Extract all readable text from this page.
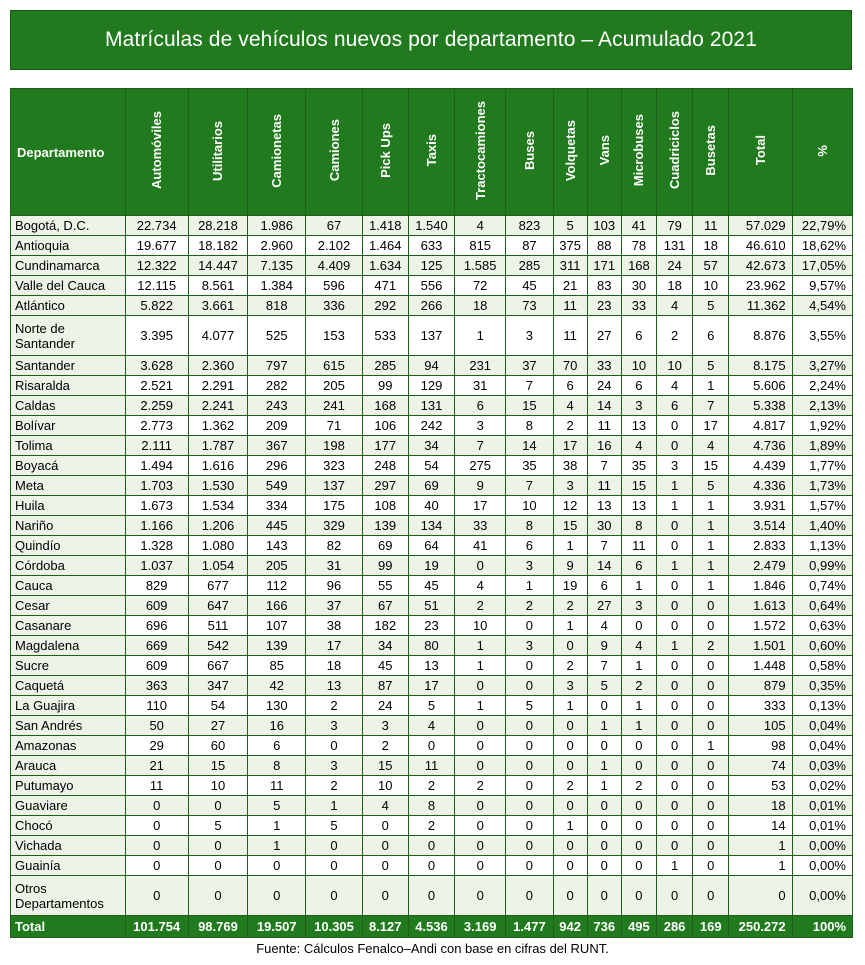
Matrículas de vehículos nuevos por departamento – Acumulado 2021
Departamento	Automóviles	Utilitarios	Camionetas	Camiones	Pick Ups	Taxis	Tractocamiones	Buses	Volquetas	Vans	Microbuses	Cuadriciclos	Busetas	Total	%
Bogotá, D.C.	22.734	28.218	1.986	67	1.418	1.540	4	823	5	103	41	79	11	57.029	22,79%
Antioquia	19.677	18.182	2.960	2.102	1.464	633	815	87	375	88	78	131	18	46.610	18,62%
Cundinamarca	12.322	14.447	7.135	4.409	1.634	125	1.585	285	311	171	168	24	57	42.673	17,05%
Valle del Cauca	12.115	8.561	1.384	596	471	556	72	45	21	83	30	18	10	23.962	9,57%
Atlántico	5.822	3.661	818	336	292	266	18	73	11	23	33	4	5	11.362	4,54%
Norte de Santander	3.395	4.077	525	153	533	137	1	3	11	27	6	2	6	8.876	3,55%
Santander	3.628	2.360	797	615	285	94	231	37	70	33	10	10	5	8.175	3,27%
Risaralda	2.521	2.291	282	205	99	129	31	7	6	24	6	4	1	5.606	2,24%
Caldas	2.259	2.241	243	241	168	131	6	15	4	14	3	6	7	5.338	2,13%
Bolívar	2.773	1.362	209	71	106	242	3	8	2	11	13	0	17	4.817	1,92%
Tolima	2.111	1.787	367	198	177	34	7	14	17	16	4	0	4	4.736	1,89%
Boyacá	1.494	1.616	296	323	248	54	275	35	38	7	35	3	15	4.439	1,77%
Meta	1.703	1.530	549	137	297	69	9	7	3	11	15	1	5	4.336	1,73%
Huila	1.673	1.534	334	175	108	40	17	10	12	13	13	1	1	3.931	1,57%
Nariño	1.166	1.206	445	329	139	134	33	8	15	30	8	0	1	3.514	1,40%
Quindío	1.328	1.080	143	82	69	64	41	6	1	7	11	0	1	2.833	1,13%
Córdoba	1.037	1.054	205	31	99	19	0	3	9	14	6	1	1	2.479	0,99%
Cauca	829	677	112	96	55	45	4	1	19	6	1	0	1	1.846	0,74%
Cesar	609	647	166	37	67	51	2	2	2	27	3	0	0	1.613	0,64%
Casanare	696	511	107	38	182	23	10	0	1	4	0	0	0	1.572	0,63%
Magdalena	669	542	139	17	34	80	1	3	0	9	4	1	2	1.501	0,60%
Sucre	609	667	85	18	45	13	1	0	2	7	1	0	0	1.448	0,58%
Caquetá	363	347	42	13	87	17	0	0	3	5	2	0	0	879	0,35%
La Guajira	110	54	130	2	24	5	1	5	1	0	1	0	0	333	0,13%
San Andrés	50	27	16	3	3	4	0	0	0	1	1	0	0	105	0,04%
Amazonas	29	60	6	0	2	0	0	0	0	0	0	0	1	98	0,04%
Arauca	21	15	8	3	15	11	0	0	0	1	0	0	0	74	0,03%
Putumayo	11	10	11	2	10	2	2	0	2	1	2	0	0	53	0,02%
Guaviare	0	0	5	1	4	8	0	0	0	0	0	0	0	18	0,01%
Chocó	0	5	1	5	0	2	0	0	1	0	0	0	0	14	0,01%
Vichada	0	0	1	0	0	0	0	0	0	0	0	0	0	1	0,00%
Guainía	0	0	0	0	0	0	0	0	0	0	0	1	0	1	0,00%
Otros Departamentos	0	0	0	0	0	0	0	0	0	0	0	0	0	0	0,00%
Total	101.754	98.769	19.507	10.305	8.127	4.536	3.169	1.477	942	736	495	286	169	250.272	100%
Fuente: Cálculos Fenalco–Andi con base en cifras del RUNT.
